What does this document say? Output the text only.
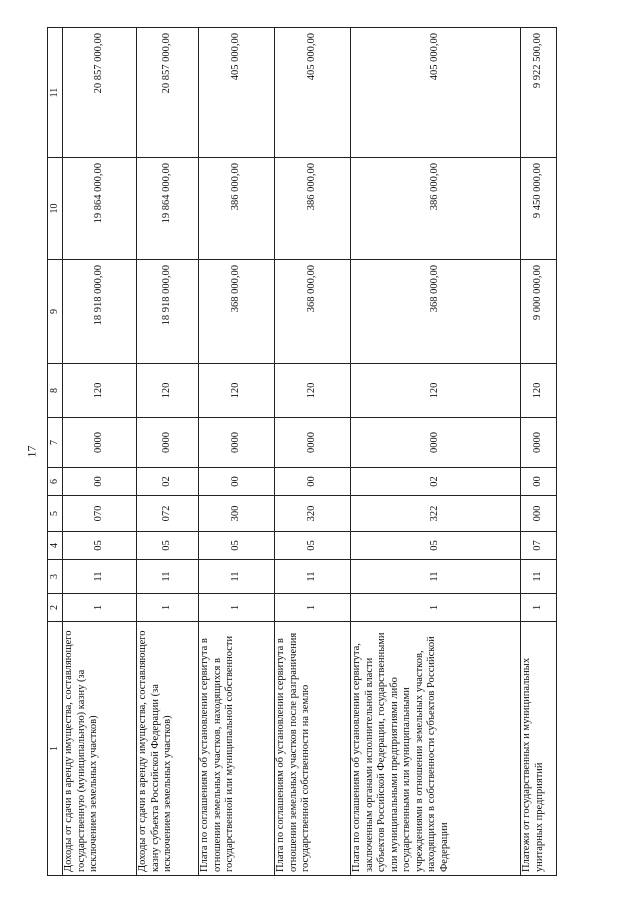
17
1	2	3	4	5	6	7	8	9	10	11
Доходы от сдачи в аренду имущества, составляющего государственную (муниципальную) казну (за исключением земельных участков)	1	11	05	070	00	0000	120	18 918 000,00	19 864 000,00	20 857 000,00
Доходы от сдачи в аренду имущества, составляющего казну субъекта Российской Федерации (за исключением земельных участков)	1	11	05	072	02	0000	120	18 918 000,00	19 864 000,00	20 857 000,00
Плата по соглашениям об установлении сервитута в отношении земельных участков, находящихся в государственной или муниципальной собственности	1	11	05	300	00	0000	120	368 000,00	386 000,00	405 000,00
Плата по соглашениям об установлении сервитута в отношении земельных участков после разграничения государственной собственности на землю	1	11	05	320	00	0000	120	368 000,00	386 000,00	405 000,00
Плата по соглашениям об установлении сервитута, заключенным органами исполнительной власти субъектов Российской Федерации, государственными или муниципальными предприятиями либо государственными или муниципальными учреждениями в отношении земельных участков, находящихся в собственности субъектов Российской Федерации	1	11	05	322	02	0000	120	368 000,00	386 000,00	405 000,00
Платежи от государственных и муниципальных унитарных предприятий	1	11	07	000	00	0000	120	9 000 000,00	9 450 000,00	9 922 500,00
